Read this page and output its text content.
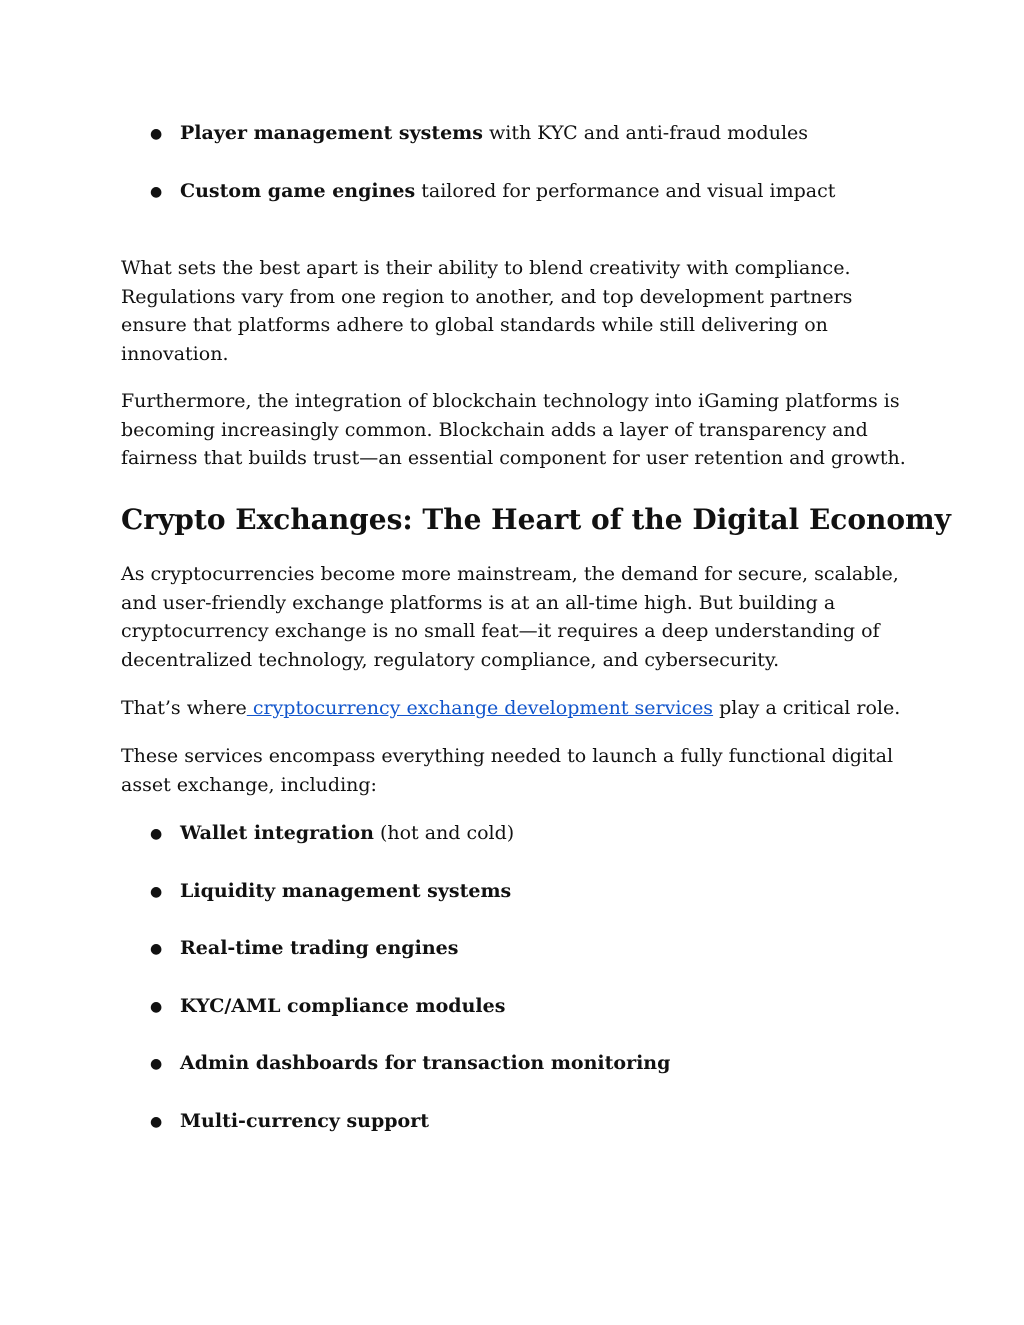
● Player management systems with KYC and anti-fraud modules
● Custom game engines tailored for performance and visual impact

What sets the best apart is their ability to blend creativity with compliance.
Regulations vary from one region to another, and top development partners
ensure that platforms adhere to global standards while still delivering on
innovation.

Furthermore, the integration of blockchain technology into iGaming platforms is
becoming increasingly common. Blockchain adds a layer of transparency and
fairness that builds trust—an essential component for user retention and growth.

Crypto Exchanges: The Heart of the Digital Economy

As cryptocurrencies become more mainstream, the demand for secure, scalable,
and user-friendly exchange platforms is at an all-time high. But building a
cryptocurrency exchange is no small feat—it requires a deep understanding of
decentralized technology, regulatory compliance, and cybersecurity.

That’s where cryptocurrency exchange development services play a critical role.

These services encompass everything needed to launch a fully functional digital
asset exchange, including:

● Wallet integration (hot and cold)
● Liquidity management systems
● Real-time trading engines
● KYC/AML compliance modules
● Admin dashboards for transaction monitoring
● Multi-currency support
